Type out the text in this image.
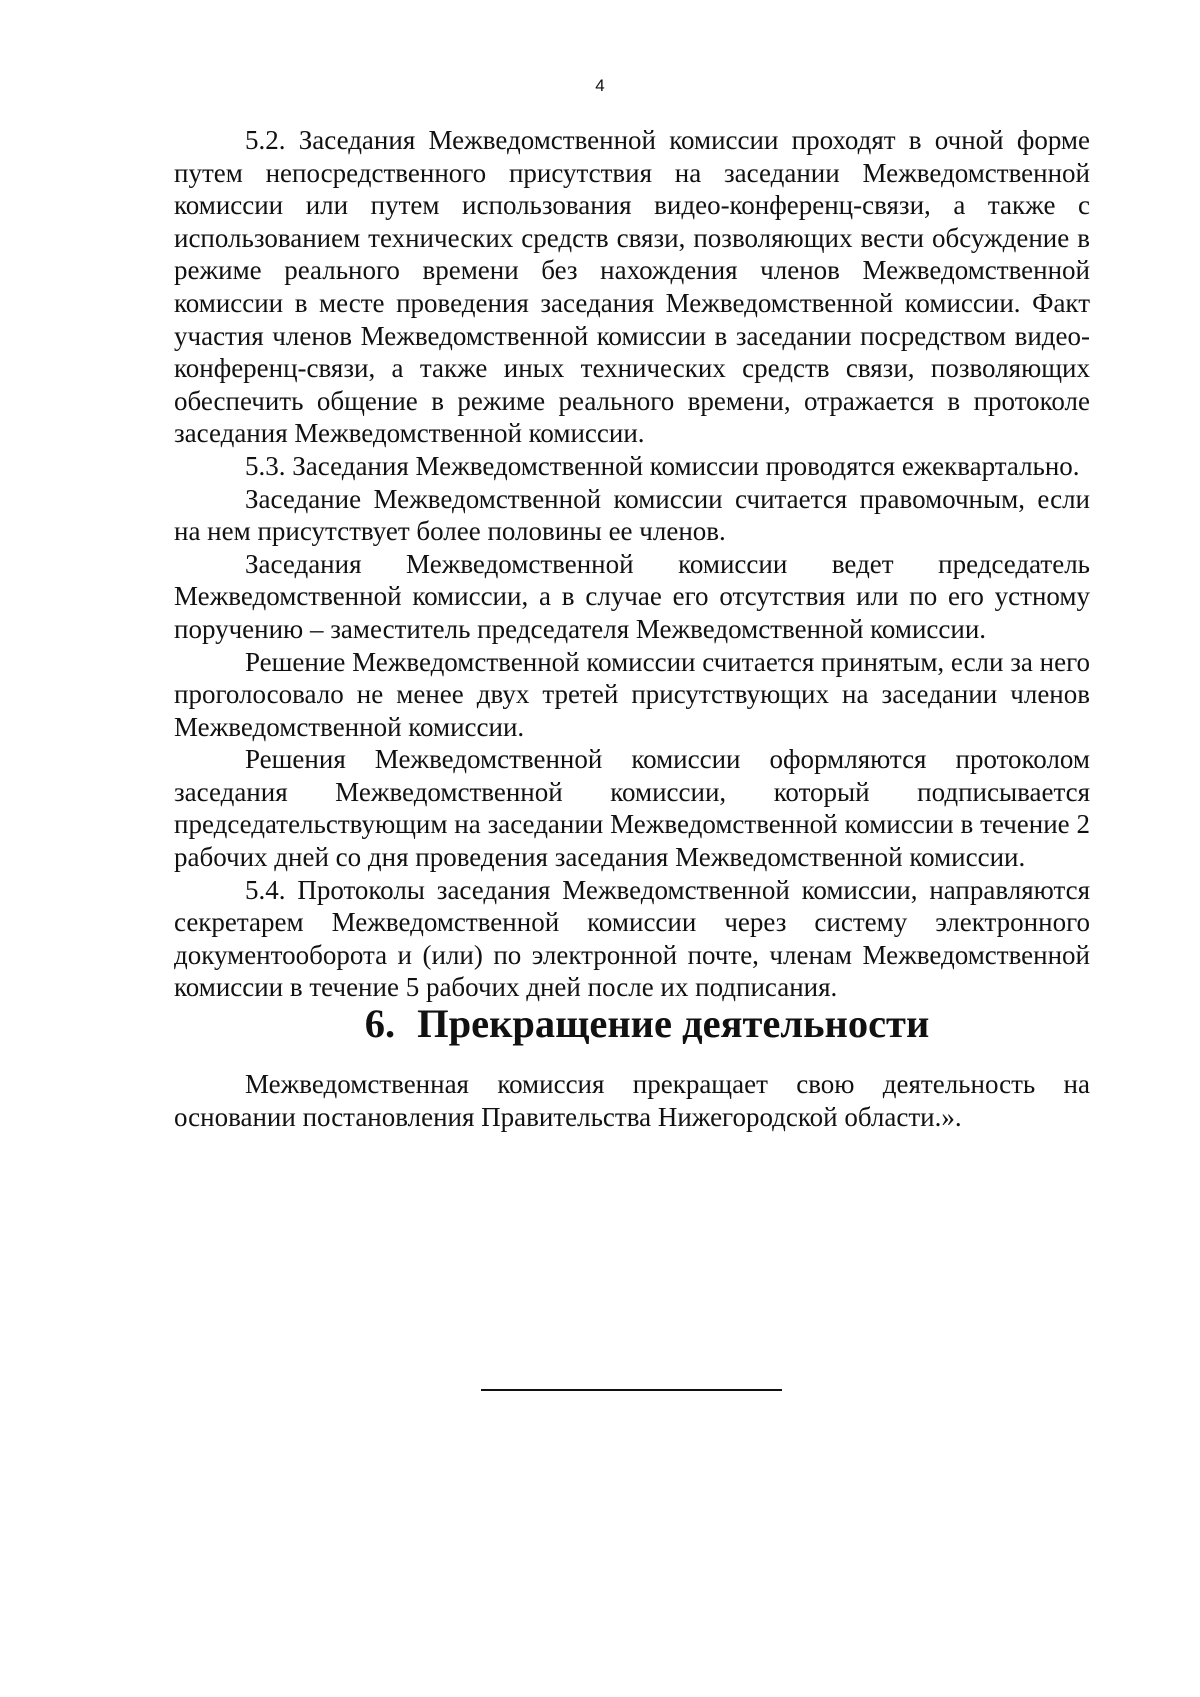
4

5.2. Заседания Межведомственной комиссии проходят в очной форме путем непосредственного присутствия на заседании Межведомственной комиссии или путем использования видео-конференц-связи, а также с использованием технических средств связи, позволяющих вести обсуждение в режиме реального времени без нахождения членов Межведомственной комиссии в месте проведения заседания Межведомственной комиссии. Факт участия членов Межведомственной комиссии в заседании посредством видео-конференц-связи, а также иных технических средств связи, позволяющих обеспечить общение в режиме реального времени, отражается в протоколе заседания Межведомственной комиссии.

5.3. Заседания Межведомственной комиссии проводятся ежеквартально.

Заседание Межведомственной комиссии считается правомочным, если на нем присутствует более половины ее членов.

Заседания Межведомственной комиссии ведет председатель Межведомственной комиссии, а в случае его отсутствия или по его устному поручению – заместитель председателя Межведомственной комиссии.

Решение Межведомственной комиссии считается принятым, если за него проголосовало не менее двух третей присутствующих на заседании членов Межведомственной комиссии.

Решения Межведомственной комиссии оформляются протоколом заседания Межведомственной комиссии, который подписывается председательствующим на заседании Межведомственной комиссии в течение 2 рабочих дней со дня проведения заседания Межведомственной комиссии.

5.4. Протоколы заседания Межведомственной комиссии, направляются секретарем Межведомственной комиссии через систему электронного документооборота и (или) по электронной почте, членам Межведомственной комиссии в течение 5 рабочих дней после их подписания.

6. Прекращение деятельности

Межведомственная комиссия прекращает свою деятельность на основании постановления Правительства Нижегородской области.».
